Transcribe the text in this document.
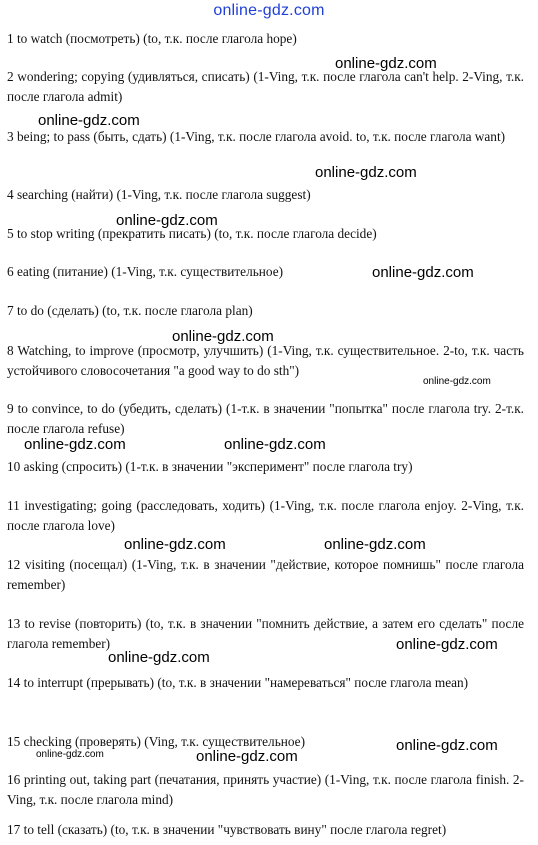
online-gdz.com

1 to watch (посмотреть) (to, т.к. после глагола hope)

2 wondering; copying (удивляться, списать) (1-Ving, т.к. после глагола can't help. 2-Ving, т.к. после глагола admit)

3 being; to pass (быть, сдать) (1-Ving, т.к. после глагола avoid. to, т.к. после глагола want)

4 searching (найти) (1-Ving, т.к. после глагола suggest)

5 to stop writing (прекратить писать) (to, т.к. после глагола decide)

6 eating (питание) (1-Ving, т.к. существительное)

7 to do (сделать) (to, т.к. после глагола plan)

8 Watching, to improve (просмотр, улучшить) (1-Ving, т.к. существительное. 2-to, т.к. часть устойчивого словосочетания "a good way to do sth")

9 to convince, to do (убедить, сделать) (1-т.к. в значении "попытка" после глагола try. 2-т.к. после глагола refuse)

10 asking (спросить) (1-т.к. в значении "эксперимент" после глагола try)

11 investigating; going (расследовать, ходить) (1-Ving, т.к. после глагола enjoy. 2-Ving, т.к. после глагола love)

12 visiting (посещал) (1-Ving, т.к. в значении "действие, которое помнишь" после глагола remember)

13 to revise (повторить) (to, т.к. в значении "помнить действие, а затем его сделать" после глагола remember)

14 to interrupt (прерывать) (to, т.к. в значении "намереваться" после глагола mean)

15 checking (проверять) (Ving, т.к. существительное)

16 printing out, taking part (печатания, принять участие) (1-Ving, т.к. после глагола finish. 2-Ving, т.к. после глагола mind)

17 to tell (сказать) (to, т.к. в значении "чувствовать вину" после глагола regret)

online-gdz.com
online-gdz.com
online-gdz.com
online-gdz.com
online-gdz.com
online-gdz.com
online-gdz.com
online-gdz.com	online-gdz.com
online-gdz.com	online-gdz.com
online-gdz.com
online-gdz.com
online-gdz.com
online-gdz.com	online-gdz.com
